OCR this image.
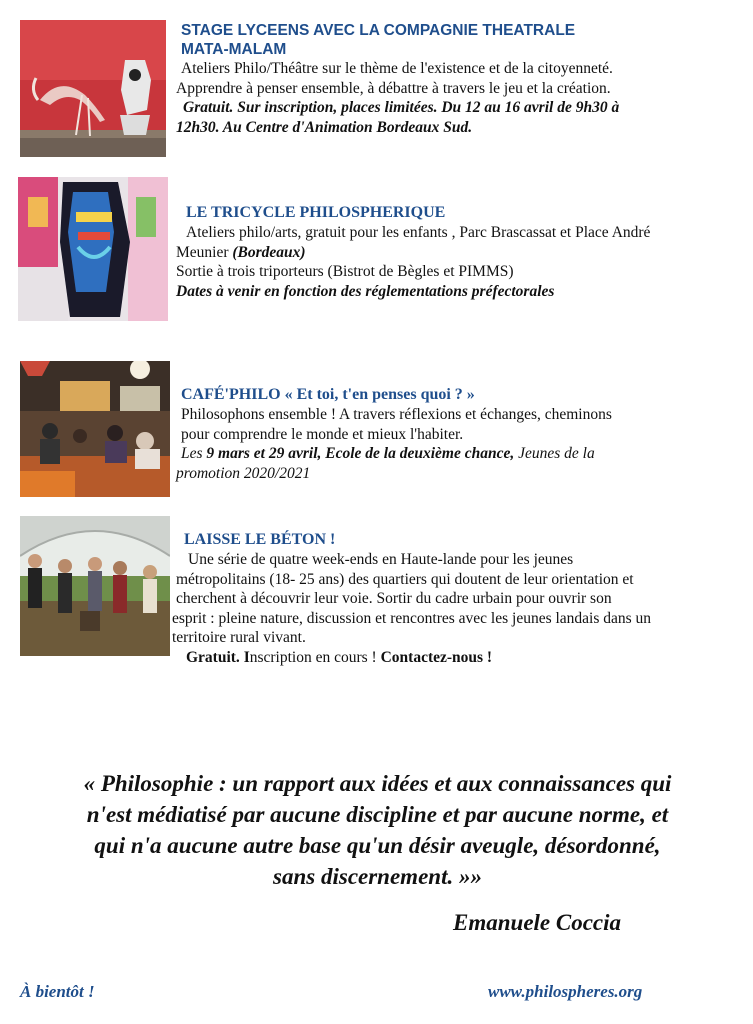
STAGE LYCEENS AVEC LA COMPAGNIE THEATRALE
MATA-MALAM
Ateliers Philo/Théâtre sur le thème de l'existence et de la citoyenneté.
Apprendre à penser ensemble, à débattre à travers le jeu et la création.
Gratuit. Sur inscription, places limitées. Du 12 au 16 avril de 9h30 à
12h30. Au Centre d'Animation Bordeaux Sud.
LE TRICYCLE PHILOSPHERIQUE
Ateliers philo/arts, gratuit pour les enfants , Parc Brascassat et Place André
Meunier (Bordeaux)
Sortie à trois triporteurs (Bistrot de Bègles et PIMMS)
Dates à venir en fonction des réglementations préfectorales
CAFÉ'PHILO « Et toi, t'en penses quoi ? »
Philosophons ensemble ! A travers réflexions et échanges, cheminons
pour comprendre le monde et mieux l'habiter.
Les 9 mars et 29 avril, Ecole de la deuxième chance, Jeunes de la
promotion 2020/2021
LAISSE LE BÉTON !
Une série de quatre week-ends en Haute-lande pour les jeunes
métropolitains (18- 25 ans) des quartiers qui doutent de leur orientation et
cherchent à découvrir leur voie. Sortir du cadre urbain pour ouvrir son
esprit : pleine nature, discussion et rencontres avec les jeunes landais dans un
territoire rural vivant.
Gratuit. Inscription en cours ! Contactez-nous !
« Philosophie : un rapport aux idées et aux connaissances qui
n'est médiatisé par aucune discipline et par aucune norme, et
qui n'a aucune autre base qu'un désir aveugle, désordonné,
sans discernement. »»
Emanuele Coccia
À bientôt !	www.philospheres.org
